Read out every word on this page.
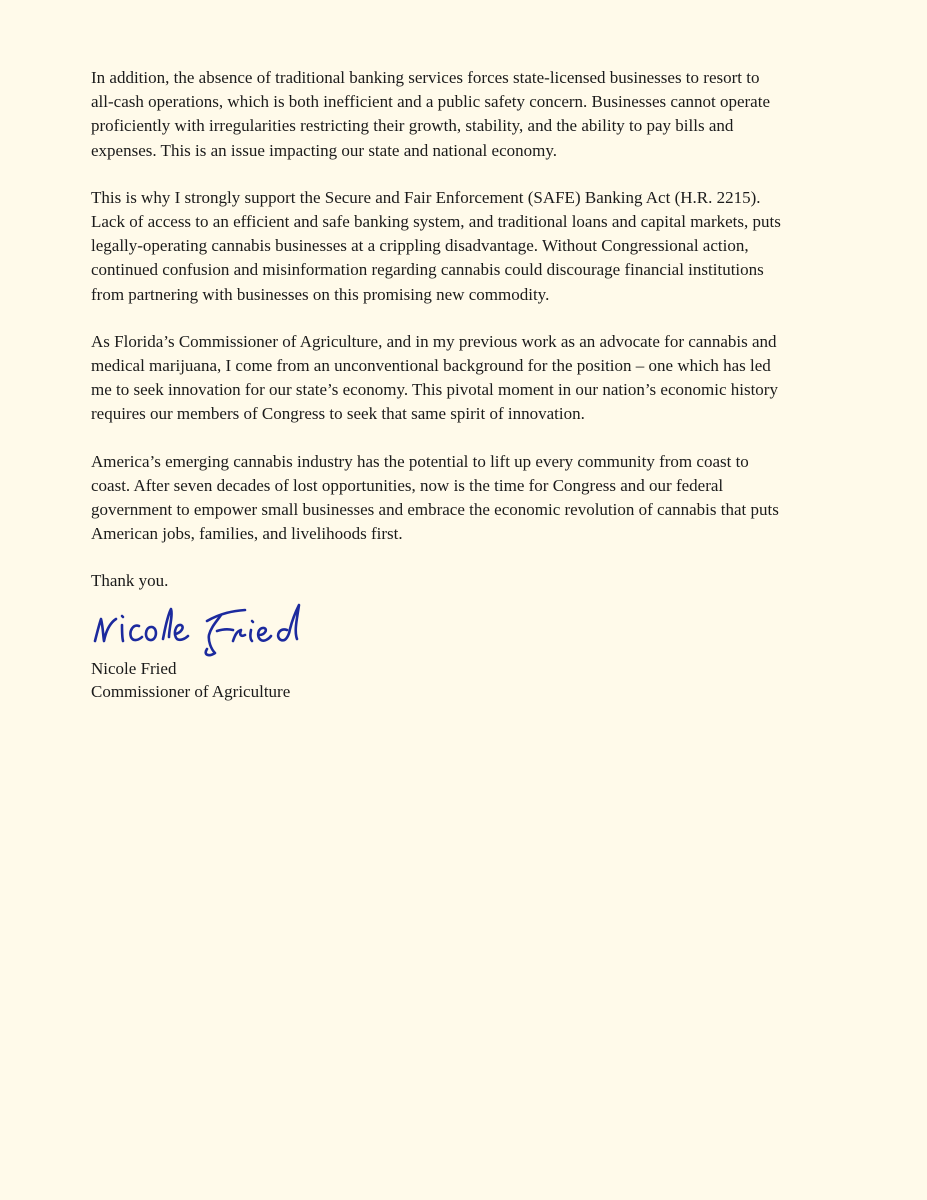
In addition, the absence of traditional banking services forces state-licensed businesses to resort to
all-cash operations, which is both inefficient and a public safety concern. Businesses cannot operate
proficiently with irregularities restricting their growth, stability, and the ability to pay bills and
expenses. This is an issue impacting our state and national economy.

This is why I strongly support the Secure and Fair Enforcement (SAFE) Banking Act (H.R. 2215).
Lack of access to an efficient and safe banking system, and traditional loans and capital markets, puts
legally-operating cannabis businesses at a crippling disadvantage. Without Congressional action,
continued confusion and misinformation regarding cannabis could discourage financial institutions
from partnering with businesses on this promising new commodity.

As Florida’s Commissioner of Agriculture, and in my previous work as an advocate for cannabis and
medical marijuana, I come from an unconventional background for the position – one which has led
me to seek innovation for our state’s economy. This pivotal moment in our nation’s economic history
requires our members of Congress to seek that same spirit of innovation.

America’s emerging cannabis industry has the potential to lift up every community from coast to
coast. After seven decades of lost opportunities, now is the time for Congress and our federal
government to empower small businesses and embrace the economic revolution of cannabis that puts
American jobs, families, and livelihoods first.

Thank you.

Nicole Fried

Commissioner of Agriculture
